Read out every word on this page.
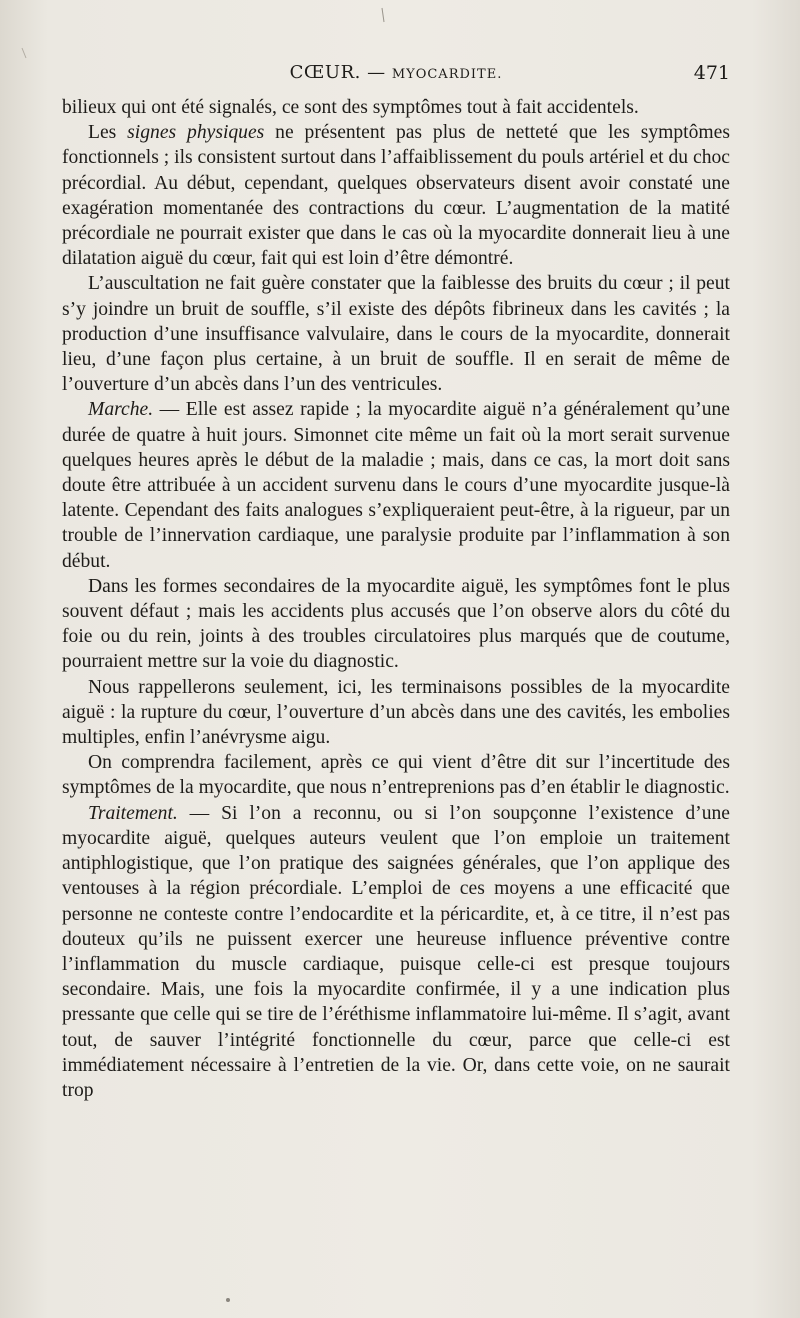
CŒUR. — MYOCARDITE.	471

bilieux qui ont été signalés, ce sont des symptômes tout à fait accidentels.

Les signes physiques ne présentent pas plus de netteté que les symptômes fonctionnels ; ils consistent surtout dans l’affaiblissement du pouls artériel et du choc précordial. Au début, cependant, quelques observateurs disent avoir constaté une exagération momentanée des contractions du cœur. L’augmentation de la matité précordiale ne pourrait exister que dans le cas où la myocardite donnerait lieu à une dilatation aiguë du cœur, fait qui est loin d’être démontré.

L’auscultation ne fait guère constater que la faiblesse des bruits du cœur ; il peut s’y joindre un bruit de souffle, s’il existe des dépôts fibrineux dans les cavités ; la production d’une insuffisance valvulaire, dans le cours de la myocardite, donnerait lieu, d’une façon plus certaine, à un bruit de souffle. Il en serait de même de l’ouverture d’un abcès dans l’un des ventricules.

Marche. — Elle est assez rapide ; la myocardite aiguë n’a généralement qu’une durée de quatre à huit jours. Simonnet cite même un fait où la mort serait survenue quelques heures après le début de la maladie ; mais, dans ce cas, la mort doit sans doute être attribuée à un accident survenu dans le cours d’une myocardite jusque-là latente. Cependant des faits analogues s’expliqueraient peut-être, à la rigueur, par un trouble de l’innervation cardiaque, une paralysie produite par l’inflammation à son début.

Dans les formes secondaires de la myocardite aiguë, les symptômes font le plus souvent défaut ; mais les accidents plus accusés que l’on observe alors du côté du foie ou du rein, joints à des troubles circulatoires plus marqués que de coutume, pourraient mettre sur la voie du diagnostic.

Nous rappellerons seulement, ici, les terminaisons possibles de la myocardite aiguë : la rupture du cœur, l’ouverture d’un abcès dans une des cavités, les embolies multiples, enfin l’anévrysme aigu.

On comprendra facilement, après ce qui vient d’être dit sur l’incertitude des symptômes de la myocardite, que nous n’entreprenions pas d’en établir le diagnostic.

Traitement. — Si l’on a reconnu, ou si l’on soupçonne l’existence d’une myocardite aiguë, quelques auteurs veulent que l’on emploie un traitement antiphlogistique, que l’on pratique des saignées générales, que l’on applique des ventouses à la région précordiale. L’emploi de ces moyens a une efficacité que personne ne conteste contre l’endocardite et la péricardite, et, à ce titre, il n’est pas douteux qu’ils ne puissent exercer une heureuse influence préventive contre l’inflammation du muscle cardiaque, puisque celle-ci est presque toujours secondaire. Mais, une fois la myocardite confirmée, il y a une indication plus pressante que celle qui se tire de l’éréthisme inflammatoire lui-même. Il s’agit, avant tout, de sauver l’intégrité fonctionnelle du cœur, parce que celle-ci est immédiatement nécessaire à l’entretien de la vie. Or, dans cette voie, on ne saurait trop
